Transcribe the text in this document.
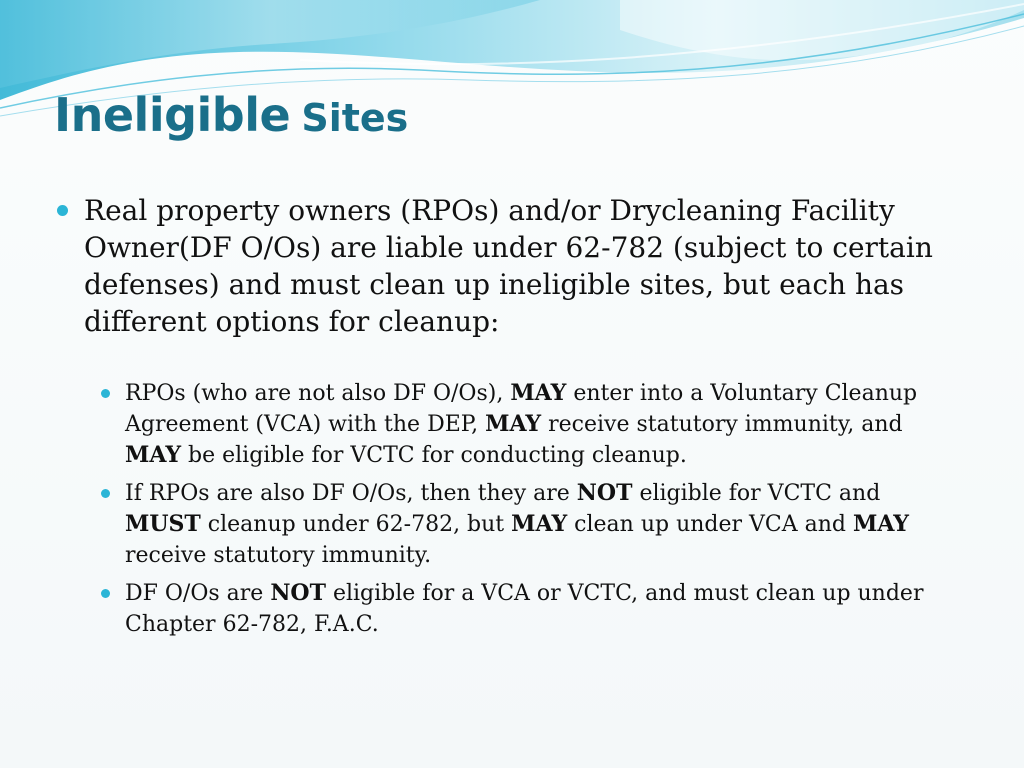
Ineligible Sites
Real property owners (RPOs) and/or Drycleaning Facility Owner(DF O/Os) are liable under 62-782 (subject to certain defenses) and must clean up ineligible sites, but each has different options for cleanup:
RPOs (who are not also DF O/Os), MAY enter into a Voluntary Cleanup Agreement (VCA) with the DEP, MAY receive statutory immunity, and MAY be eligible for VCTC for conducting cleanup.
If RPOs are also DF O/Os, then they are NOT eligible for VCTC and MUST cleanup under 62-782, but MAY clean up under VCA and MAY receive statutory immunity.
DF O/Os are NOT eligible for a VCA or VCTC, and must clean up under Chapter 62-782, F.A.C.
